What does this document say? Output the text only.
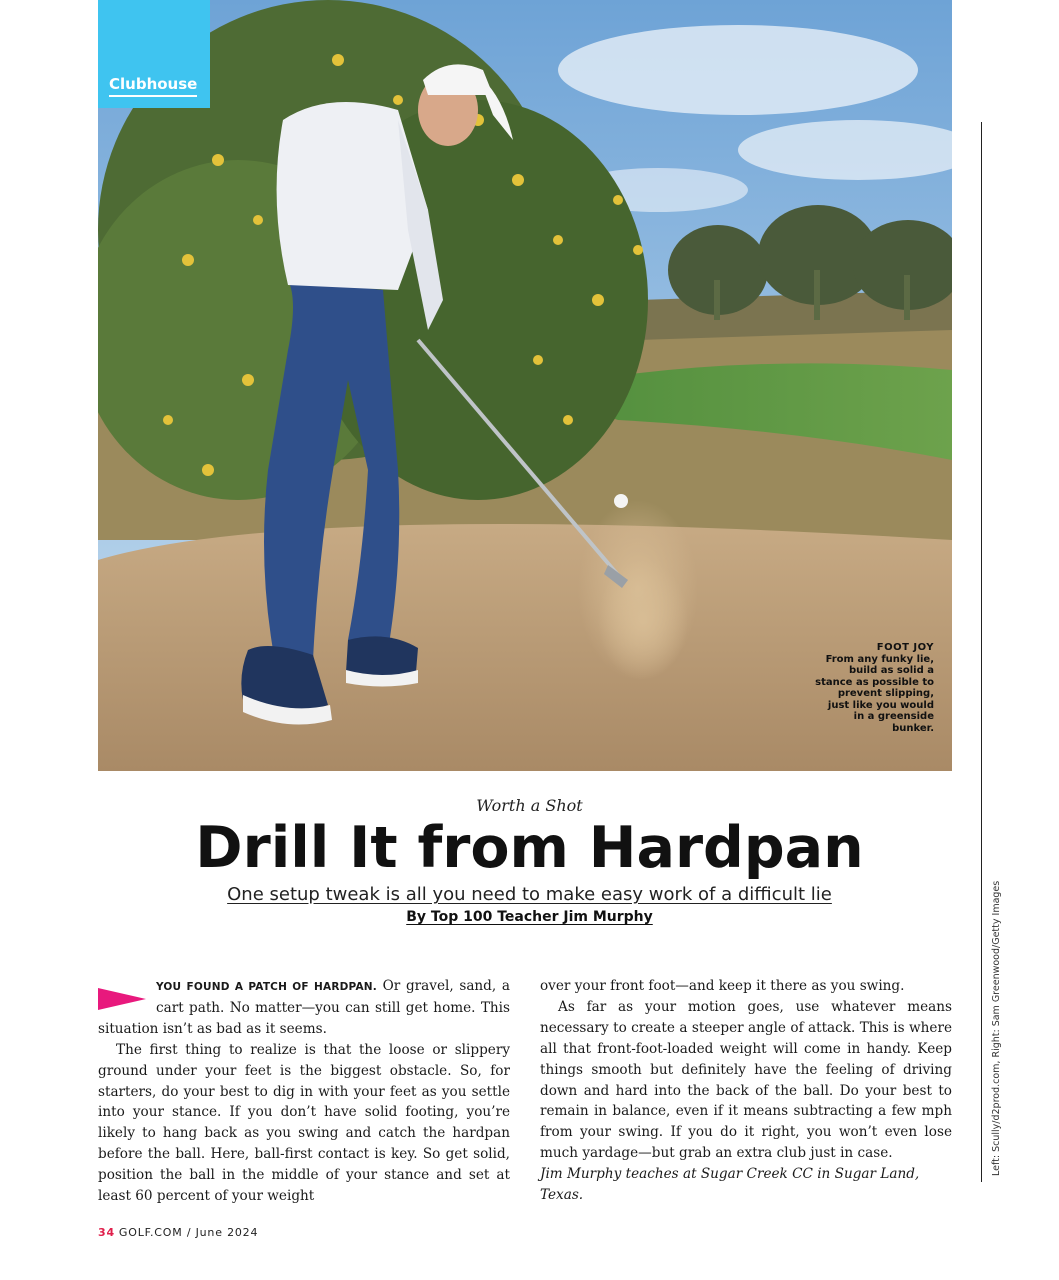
Clubhouse
FOOT JOY
From any funky lie, build as solid a stance as possible to prevent slipping, just like you would in a greenside bunker.
Left: Scully/d2prod.com, Right: Sam Greenwood/Getty Images
Worth a Shot
Drill It from Hardpan
One setup tweak is all you need to make easy work of a difficult lie
By Top 100 Teacher Jim Murphy

YOU FOUND A PATCH OF HARDPAN. Or gravel, sand, a cart path. No matter—you can still get home. This situation isn’t as bad as it seems.

The first thing to realize is that the loose or slippery ground under your feet is the biggest obstacle. So, for starters, do your best to dig in with your feet as you settle into your stance. If you don’t have solid footing, you’re likely to hang back as you swing and catch the hardpan before the ball. Here, ball-first contact is key. So get solid, position the ball in the middle of your stance and set at least 60 percent of your weight

over your front foot—and keep it there as you swing.

As far as your motion goes, use whatever means necessary to create a steeper angle of attack. This is where all that front-foot-loaded weight will come in handy. Keep things smooth but definitely have the feeling of driving down and hard into the back of the ball. Do your best to remain in balance, even if it means subtracting a few mph from your swing. If you do it right, you won’t even lose much yardage—but grab an extra club just in case.

Jim Murphy teaches at Sugar Creek CC in Sugar Land, Texas.

34 GOLF.COM / June 2024
